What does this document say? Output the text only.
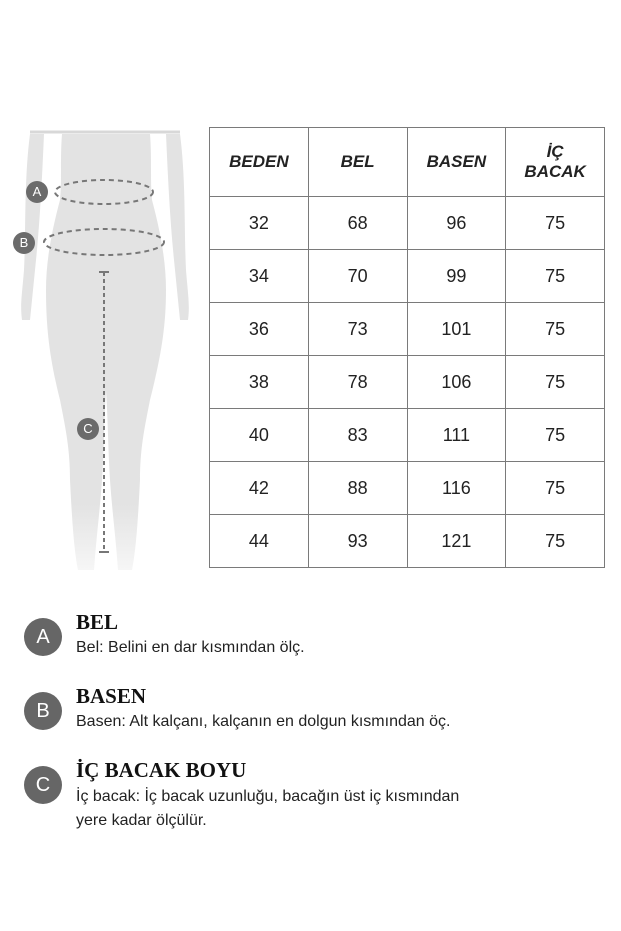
A
B
C
BEDEN	BEL	BASEN	İÇ
BACAK
32	68	96	75
34	70	99	75
36	73	101	75
38	78	106	75
40	83	111	75
42	88	116	75
44	93	121	75
A
BEL
Bel: Belini en dar kısmından ölç.
B
BASEN
Basen: Alt kalçanı, kalçanın en dolgun kısmından öç.
C
İÇ BACAK BOYU
İç bacak: İç bacak uzunluğu, bacağın üst iç kısmından
yere kadar ölçülür.
